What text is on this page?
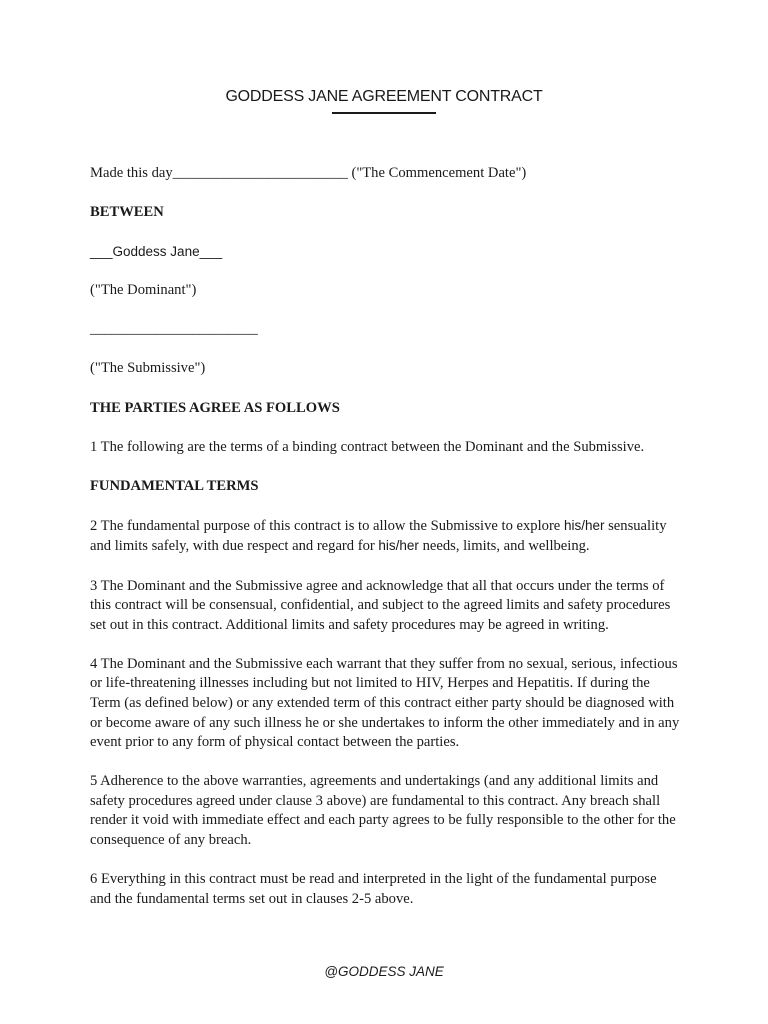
GODDESS JANE AGREEMENT CONTRACT

Made this day________________________ ("The Commencement Date")

BETWEEN

___Goddess Jane___

("The Dominant")

_______________________

("The Submissive")

THE PARTIES AGREE AS FOLLOWS

1 The following are the terms of a binding contract between the Dominant and the Submissive.

FUNDAMENTAL TERMS

2 The fundamental purpose of this contract is to allow the Submissive to explore his/her sensuality and limits safely, with due respect and regard for his/her needs, limits, and wellbeing.

3 The Dominant and the Submissive agree and acknowledge that all that occurs under the terms of this contract will be consensual, confidential, and subject to the agreed limits and safety procedures set out in this contract. Additional limits and safety procedures may be agreed in writing.

4 The Dominant and the Submissive each warrant that they suffer from no sexual, serious, infectious or life-threatening illnesses including but not limited to HIV, Herpes and Hepatitis. If during the Term (as defined below) or any extended term of this contract either party should be diagnosed with or become aware of any such illness he or she undertakes to inform the other immediately and in any event prior to any form of physical contact between the parties.

5 Adherence to the above warranties, agreements and undertakings (and any additional limits and safety procedures agreed under clause 3 above) are fundamental to this contract. Any breach shall render it void with immediate effect and each party agrees to be fully responsible to the other for the consequence of any breach.

6 Everything in this contract must be read and interpreted in the light of the fundamental purpose and the fundamental terms set out in clauses 2-5 above.

@GODDESS JANE
